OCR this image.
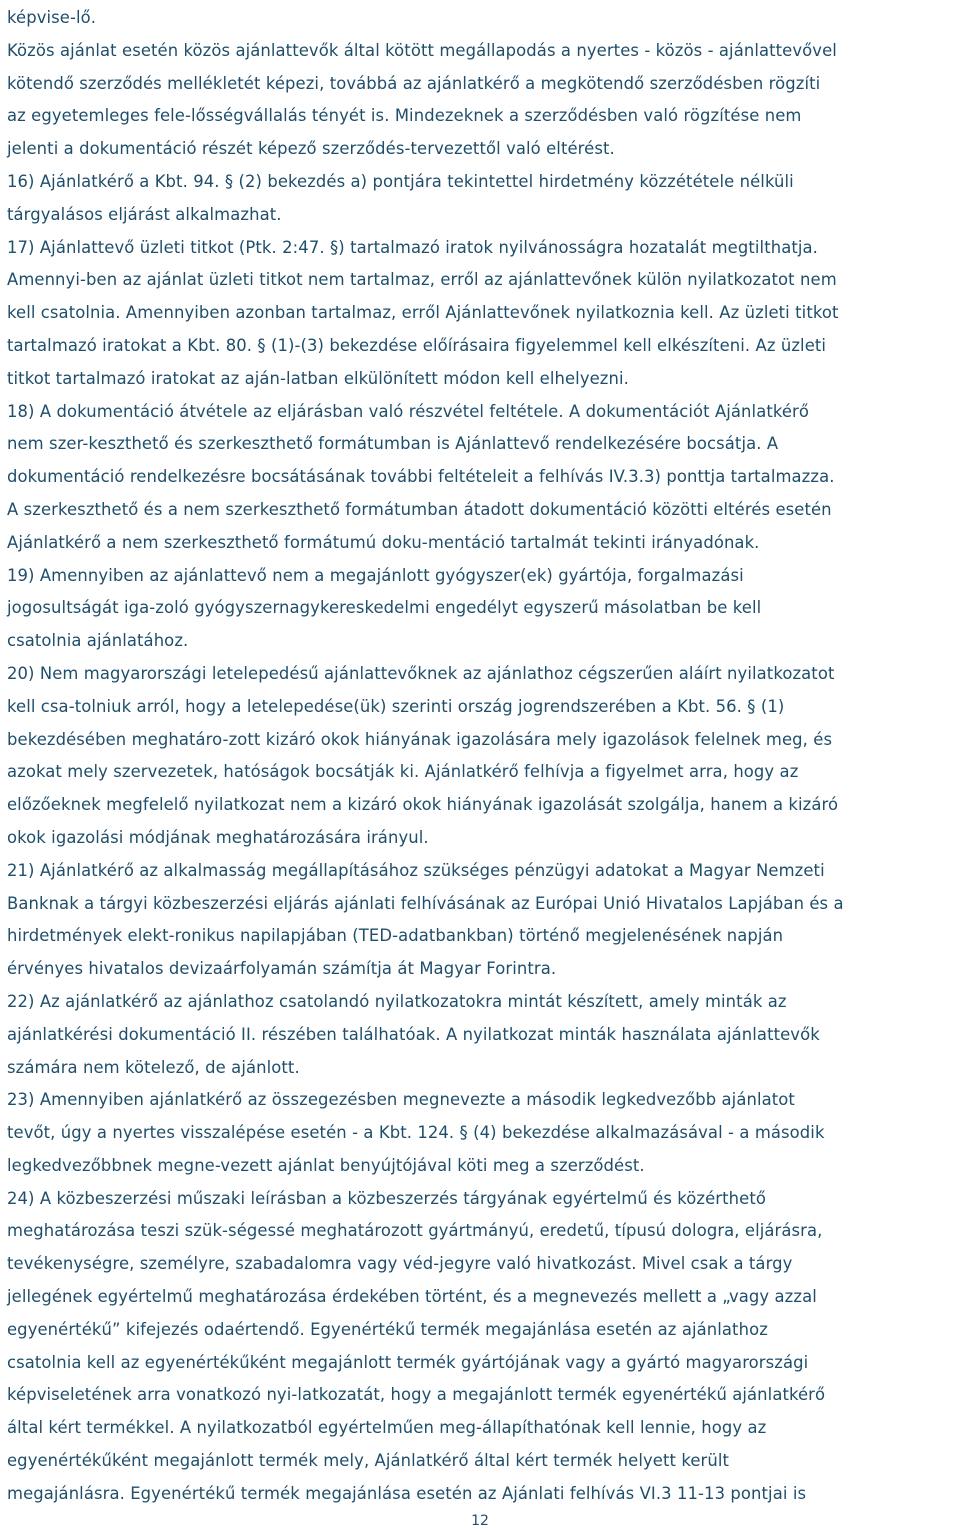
képvise-lő.
Közös ajánlat esetén közös ajánlattevők által kötött megállapodás a nyertes - közös - ajánlattevővel
kötendő szerződés mellékletét képezi, továbbá az ajánlatkérő a megkötendő szerződésben rögzíti
az egyetemleges fele-lősségvállalás tényét is. Mindezeknek a szerződésben való rögzítése nem
jelenti a dokumentáció részét képező szerződés-tervezettől való eltérést.
16) Ajánlatkérő a Kbt. 94. § (2) bekezdés a) pontjára tekintettel hirdetmény közzététele nélküli
tárgyalásos eljárást alkalmazhat.
17) Ajánlattevő üzleti titkot (Ptk. 2:47. §) tartalmazó iratok nyilvánosságra hozatalát megtilthatja.
Amennyi-ben az ajánlat üzleti titkot nem tartalmaz, erről az ajánlattevőnek külön nyilatkozatot nem
kell csatolnia. Amennyiben azonban tartalmaz, erről Ajánlattevőnek nyilatkoznia kell. Az üzleti titkot
tartalmazó iratokat a Kbt. 80. § (1)-(3) bekezdése előírásaira figyelemmel kell elkészíteni. Az üzleti
titkot tartalmazó iratokat az aján-latban elkülönített módon kell elhelyezni.
18) A dokumentáció átvétele az eljárásban való részvétel feltétele. A dokumentációt Ajánlatkérő
nem szer-keszthető és szerkeszthető formátumban is Ajánlattevő rendelkezésére bocsátja. A
dokumentáció rendelkezésre bocsátásának további feltételeit a felhívás IV.3.3) ponttja tartalmazza.
A szerkeszthető és a nem szerkeszthető formátumban átadott dokumentáció közötti eltérés esetén
Ajánlatkérő a nem szerkeszthető formátumú doku-mentáció tartalmát tekinti irányadónak.
19) Amennyiben az ajánlattevő nem a megajánlott gyógyszer(ek) gyártója, forgalmazási
jogosultságát iga-zoló gyógyszernagykereskedelmi engedélyt egyszerű másolatban be kell
csatolnia ajánlatához.
20) Nem magyarországi letelepedésű ajánlattevőknek az ajánlathoz cégszerűen aláírt nyilatkozatot
kell csa-tolniuk arról, hogy a letelepedése(ük) szerinti ország jogrendszerében a Kbt. 56. § (1)
bekezdésében meghatáro-zott kizáró okok hiányának igazolására mely igazolások felelnek meg, és
azokat mely szervezetek, hatóságok bocsátják ki. Ajánlatkérő felhívja a figyelmet arra, hogy az
előzőeknek megfelelő nyilatkozat nem a kizáró okok hiányának igazolását szolgálja, hanem a kizáró
okok igazolási módjának meghatározására irányul.
21) Ajánlatkérő az alkalmasság megállapításához szükséges pénzügyi adatokat a Magyar Nemzeti
Banknak a tárgyi közbeszerzési eljárás ajánlati felhívásának az Európai Unió Hivatalos Lapjában és a
hirdetmények elekt-ronikus napilapjában (TED-adatbankban) történő megjelenésének napján
érvényes hivatalos devizaárfolyamán számítja át Magyar Forintra.
22) Az ajánlatkérő az ajánlathoz csatolandó nyilatkozatokra mintát készített, amely minták az
ajánlatkérési dokumentáció II. részében találhatóak. A nyilatkozat minták használata ajánlattevők
számára nem kötelező, de ajánlott.
23) Amennyiben ajánlatkérő az összegezésben megnevezte a második legkedvezőbb ajánlatot
tevőt, úgy a nyertes visszalépése esetén - a Kbt. 124. § (4) bekezdése alkalmazásával - a második
legkedvezőbbnek megne-vezett ajánlat benyújtójával köti meg a szerződést.
24) A közbeszerzési műszaki leírásban a közbeszerzés tárgyának egyértelmű és közérthető
meghatározása teszi szük-ségessé meghatározott gyártmányú, eredetű, típusú dologra, eljárásra,
tevékenységre, személyre, szabadalomra vagy véd-jegyre való hivatkozást. Mivel csak a tárgy
jellegének egyértelmű meghatározása érdekében történt, és a megnevezés mellett a „vagy azzal
egyenértékű” kifejezés odaértendő. Egyenértékű termék megajánlása esetén az ajánlathoz
csatolnia kell az egyenértékűként megajánlott termék gyártójának vagy a gyártó magyarországi
képviseletének arra vonatkozó nyi-latkozatát, hogy a megajánlott termék egyenértékű ajánlatkérő
által kért termékkel. A nyilatkozatból egyértelműen meg-állapíthatónak kell lennie, hogy az
egyenértékűként megajánlott termék mely, Ajánlatkérő által kért termék helyett került
megajánlásra. Egyenértékű termék megajánlása esetén az Ajánlati felhívás VI.3 11-13 pontjai is

12
